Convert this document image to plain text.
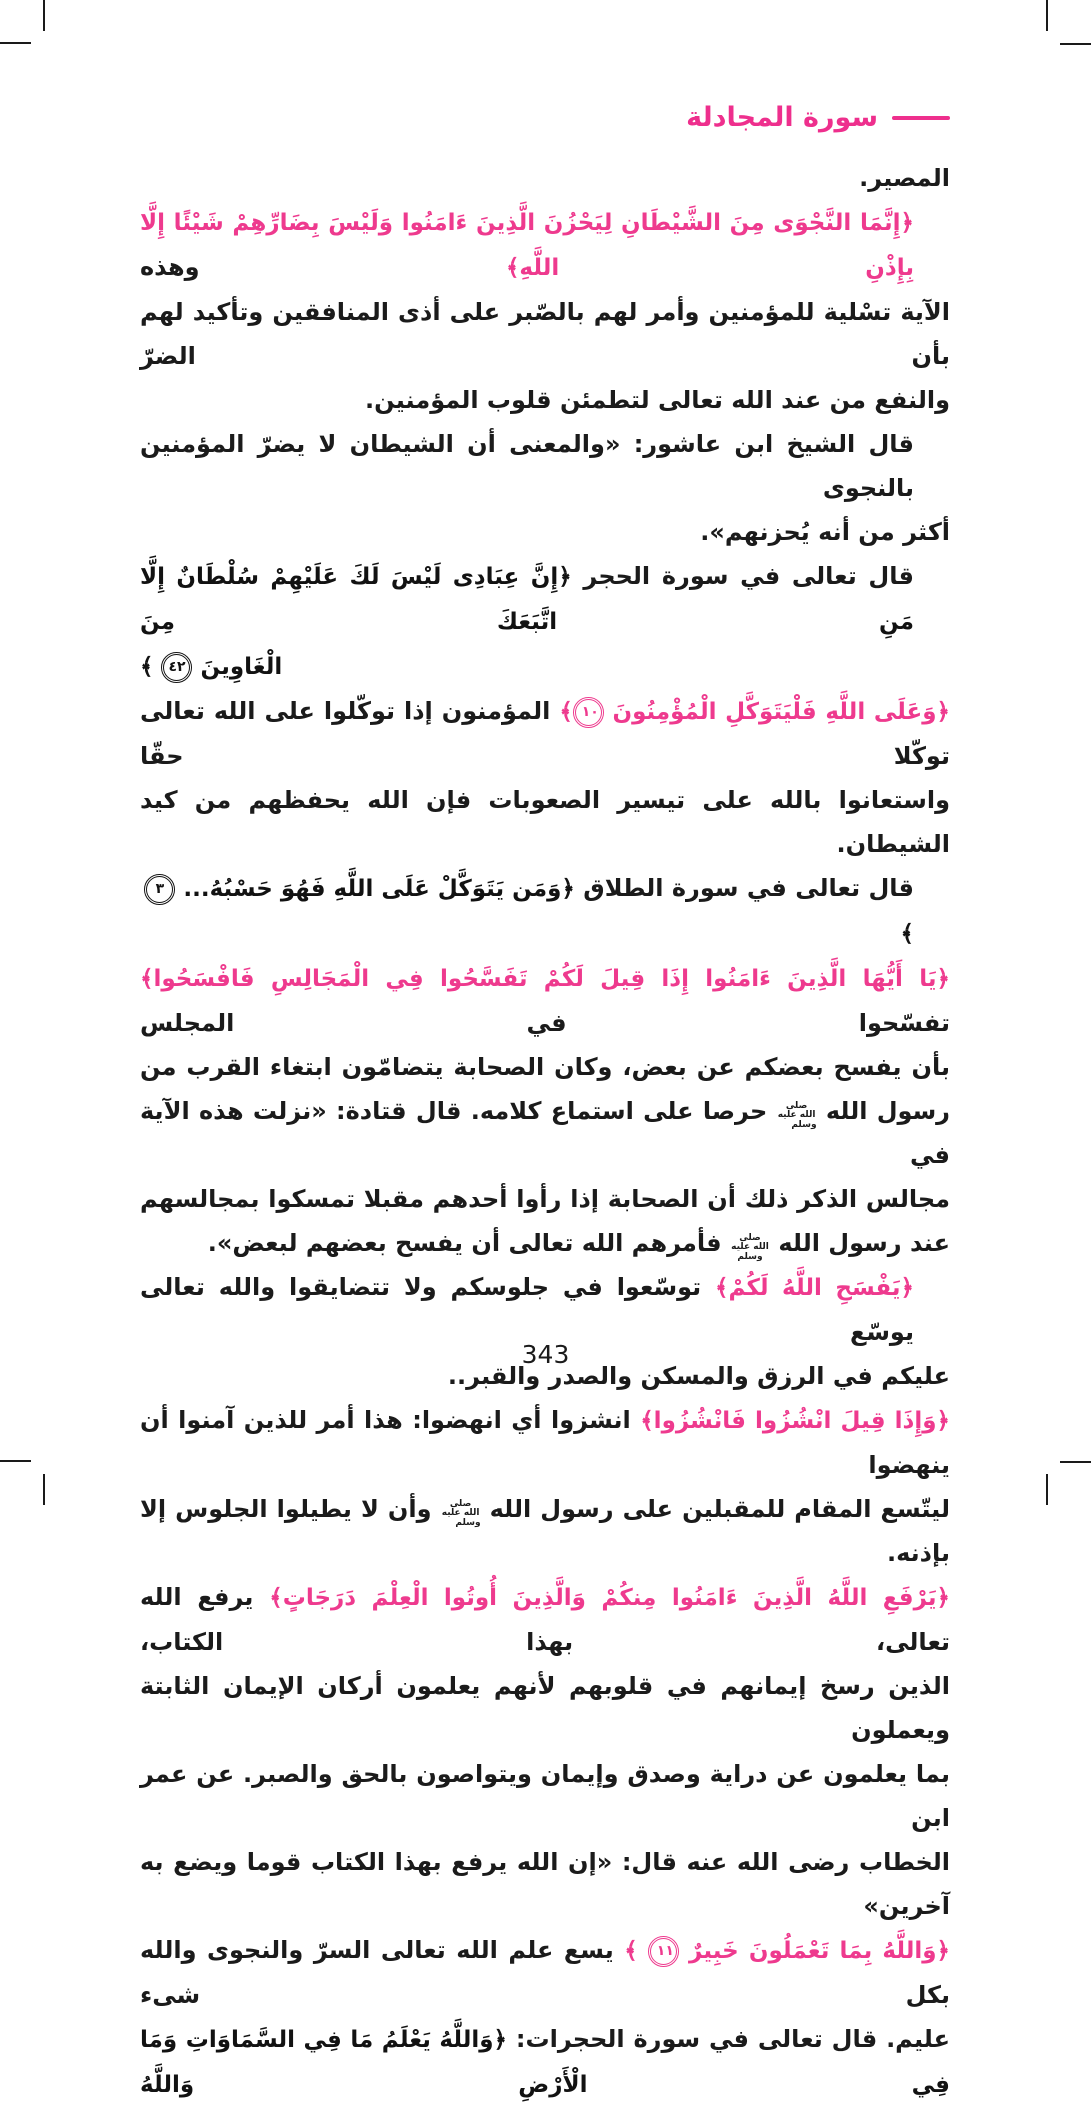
سورة المجادلة
المصير.
﴿إِنَّمَا النَّجْوَى مِنَ الشَّيْطَانِ لِيَحْزُنَ الَّذِينَ ءَامَنُوا وَلَيْسَ بِضَارِّهِمْ شَيْئًا إِلَّا بِإِذْنِ اللَّهِ﴾ وهذه
الآية تسْلية للمؤمنين وأمر لهم بالصّبر على أذى المنافقين وتأكيد لهم بأن الضرّ
والنفع من عند الله تعالى لتطمئن قلوب المؤمنين.
قال الشيخ ابن عاشور: «والمعنى أن الشيطان لا يضرّ المؤمنين بالنجوى
أكثر من أنه يُحزنهم».
قال تعالى في سورة الحجر ﴿إِنَّ عِبَادِى لَيْسَ لَكَ عَلَيْهِمْ سُلْطَانٌ إِلَّا مَنِ اتَّبَعَكَ مِنَ
الْغَاوِينَ ٤٢ ﴾
﴿وَعَلَى اللَّهِ فَلْيَتَوَكَّلِ الْمُؤْمِنُونَ ١٠﴾ المؤمنون إذا توكّلوا على الله تعالى توكّلا حقّا
واستعانوا بالله على تيسير الصعوبات فإن الله يحفظهم من كيد الشيطان.
قال تعالى في سورة الطلاق ﴿وَمَن يَتَوَكَّلْ عَلَى اللَّهِ فَهُوَ حَسْبُهُ... ٣ ﴾
﴿يَا أَيُّهَا الَّذِينَ ءَامَنُوا إِذَا قِيلَ لَكُمْ تَفَسَّحُوا فِي الْمَجَالِسِ فَافْسَحُوا﴾ تفسّحوا في المجلس
بأن يفسح بعضكم عن بعض، وكان الصحابة يتضامّون ابتغاء القرب من
رسول الله صلى الله عليه وسلم حرصا على استماع كلامه. قال قتادة: «نزلت هذه الآية في
مجالس الذكر ذلك أن الصحابة إذا رأوا أحدهم مقبلا تمسكوا بمجالسهم
عند رسول الله صلى الله عليه وسلم فأمرهم الله تعالى أن يفسح بعضهم لبعض».
﴿يَفْسَحِ اللَّهُ لَكُمْ﴾ توسّعوا في جلوسكم ولا تتضايقوا والله تعالى يوسّع
عليكم في الرزق والمسكن والصدر والقبر..
﴿وَإِذَا قِيلَ انْشُزُوا فَانْشُزُوا﴾ انشزوا أي انهضوا: هذا أمر للذين آمنوا أن ينهضوا
ليتّسع المقام للمقبلين على رسول الله صلى الله عليه وسلم وأن لا يطيلوا الجلوس إلا بإذنه.
﴿يَرْفَعِ اللَّهُ الَّذِينَ ءَامَنُوا مِنكُمْ وَالَّذِينَ أُوتُوا الْعِلْمَ دَرَجَاتٍ﴾ يرفع الله تعالى، بهذا الكتاب،
الذين رسخ إيمانهم في قلوبهم لأنهم يعلمون أركان الإيمان الثابتة ويعملون
بما يعلمون عن دراية وصدق وإيمان ويتواصون بالحق والصبر. عن عمر ابن
الخطاب رضى الله عنه قال: «إن الله يرفع بهذا الكتاب قوما ويضع به آخرين»
﴿وَاللَّهُ بِمَا تَعْمَلُونَ خَبِيرٌ ١١ ﴾ يسع علم الله تعالى السرّ والنجوى والله بكل شىء
عليم. قال تعالى في سورة الحجرات: ﴿وَاللَّهُ يَعْلَمُ مَا فِي السَّمَاوَاتِ وَمَا فِي الْأَرْضِ وَاللَّهُ
343
